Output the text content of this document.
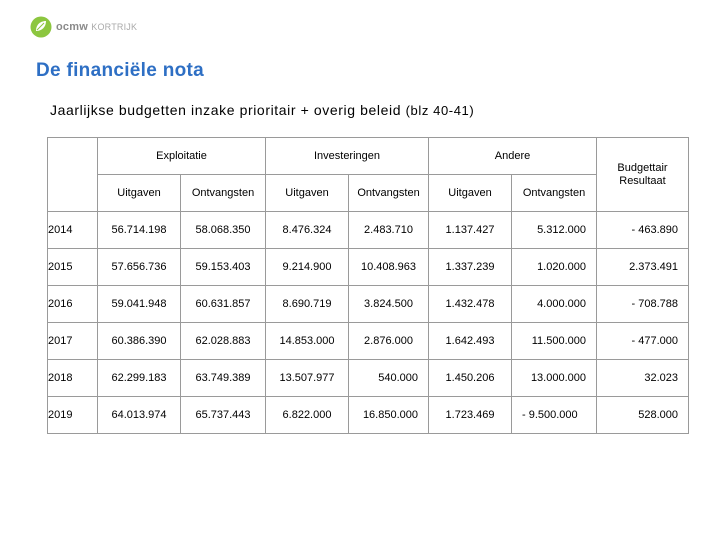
ocmw KORTRIJK
De financiële nota
Jaarlijkse budgetten inzake prioritair + overig beleid (blz 40-41)
	Exploitatie		Investeringen		Andere		Budgettair Resultaat
	Uitgaven	Ontvangsten	Uitgaven	Ontvangsten	Uitgaven	Ontvangsten	
2014	56.714.198	58.068.350	8.476.324	2.483.710	1.137.427	5.312.000	- 463.890
2015	57.656.736	59.153.403	9.214.900	10.408.963	1.337.239	1.020.000	2.373.491
2016	59.041.948	60.631.857	8.690.719	3.824.500	1.432.478	4.000.000	- 708.788
2017	60.386.390	62.028.883	14.853.000	2.876.000	1.642.493	11.500.000	- 477.000
2018	62.299.183	63.749.389	13.507.977	540.000	1.450.206	13.000.000	32.023
2019	64.013.974	65.737.443	6.822.000	16.850.000	1.723.469	- 9.500.000	528.000
